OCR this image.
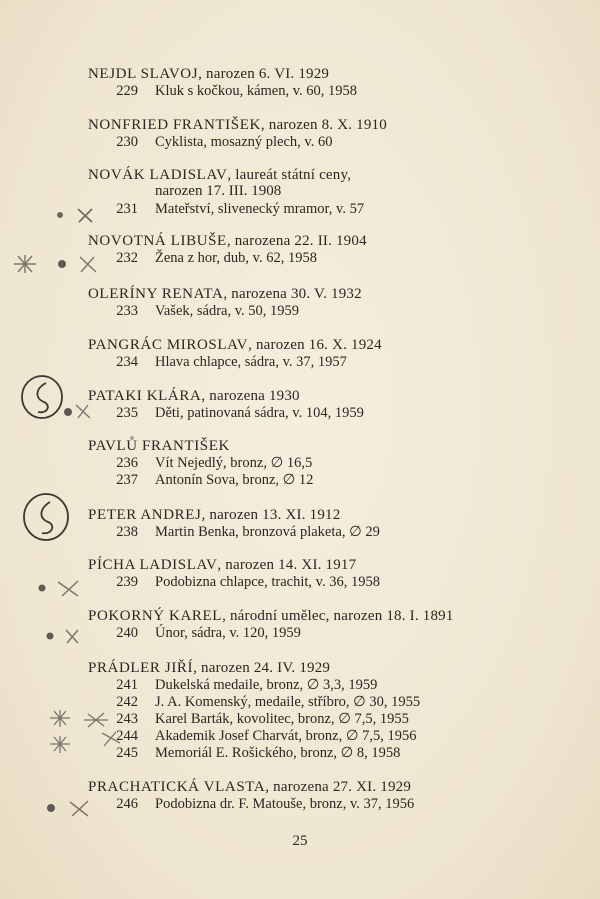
NEJDL SLAVOJ, narozen 6. VI. 1929
229 Kluk s kočkou, kámen, v. 60, 1958
NONFRIED FRANTIŠEK, narozen 8. X. 1910
230 Cyklista, mosazný plech, v. 60
NOVÁK LADISLAV, laureát státní ceny,
narozen 17. III. 1908
231 Mateřství, slivenecký mramor, v. 57
NOVOTNÁ LIBUŠE, narozena 22. II. 1904
232 Žena z hor, dub, v. 62, 1958
OLERÍNY RENATA, narozena 30. V. 1932
233 Vašek, sádra, v. 50, 1959
PANGRÁC MIROSLAV, narozen 16. X. 1924
234 Hlava chlapce, sádra, v. 37, 1957
PATAKI KLÁRA, narozena 1930
235 Děti, patinovaná sádra, v. 104, 1959
PAVLŮ FRANTIŠEK
236 Vít Nejedlý, bronz, ∅ 16,5
237 Antonín Sova, bronz, ∅ 12
PETER ANDREJ, narozen 13. XI. 1912
238 Martin Benka, bronzová plaketa, ∅ 29
PÍCHA LADISLAV, narozen 14. XI. 1917
239 Podobizna chlapce, trachit, v. 36, 1958
POKORNÝ KAREL, národní umělec, narozen 18. I. 1891
240 Únor, sádra, v. 120, 1959
PRÁDLER JIŘÍ, narozen 24. IV. 1929
241 Dukelská medaile, bronz, ∅ 3,3, 1959
242 J. A. Komenský, medaile, stříbro, ∅ 30, 1955
243 Karel Barták, kovolitec, bronz, ∅ 7,5, 1955
244 Akademik Josef Charvát, bronz, ∅ 7,5, 1956
245 Memoriál E. Rošického, bronz, ∅ 8, 1958
PRACHATICKÁ VLASTA, narozena 27. XI. 1929
246 Podobizna dr. F. Matouše, bronz, v. 37, 1956
25
